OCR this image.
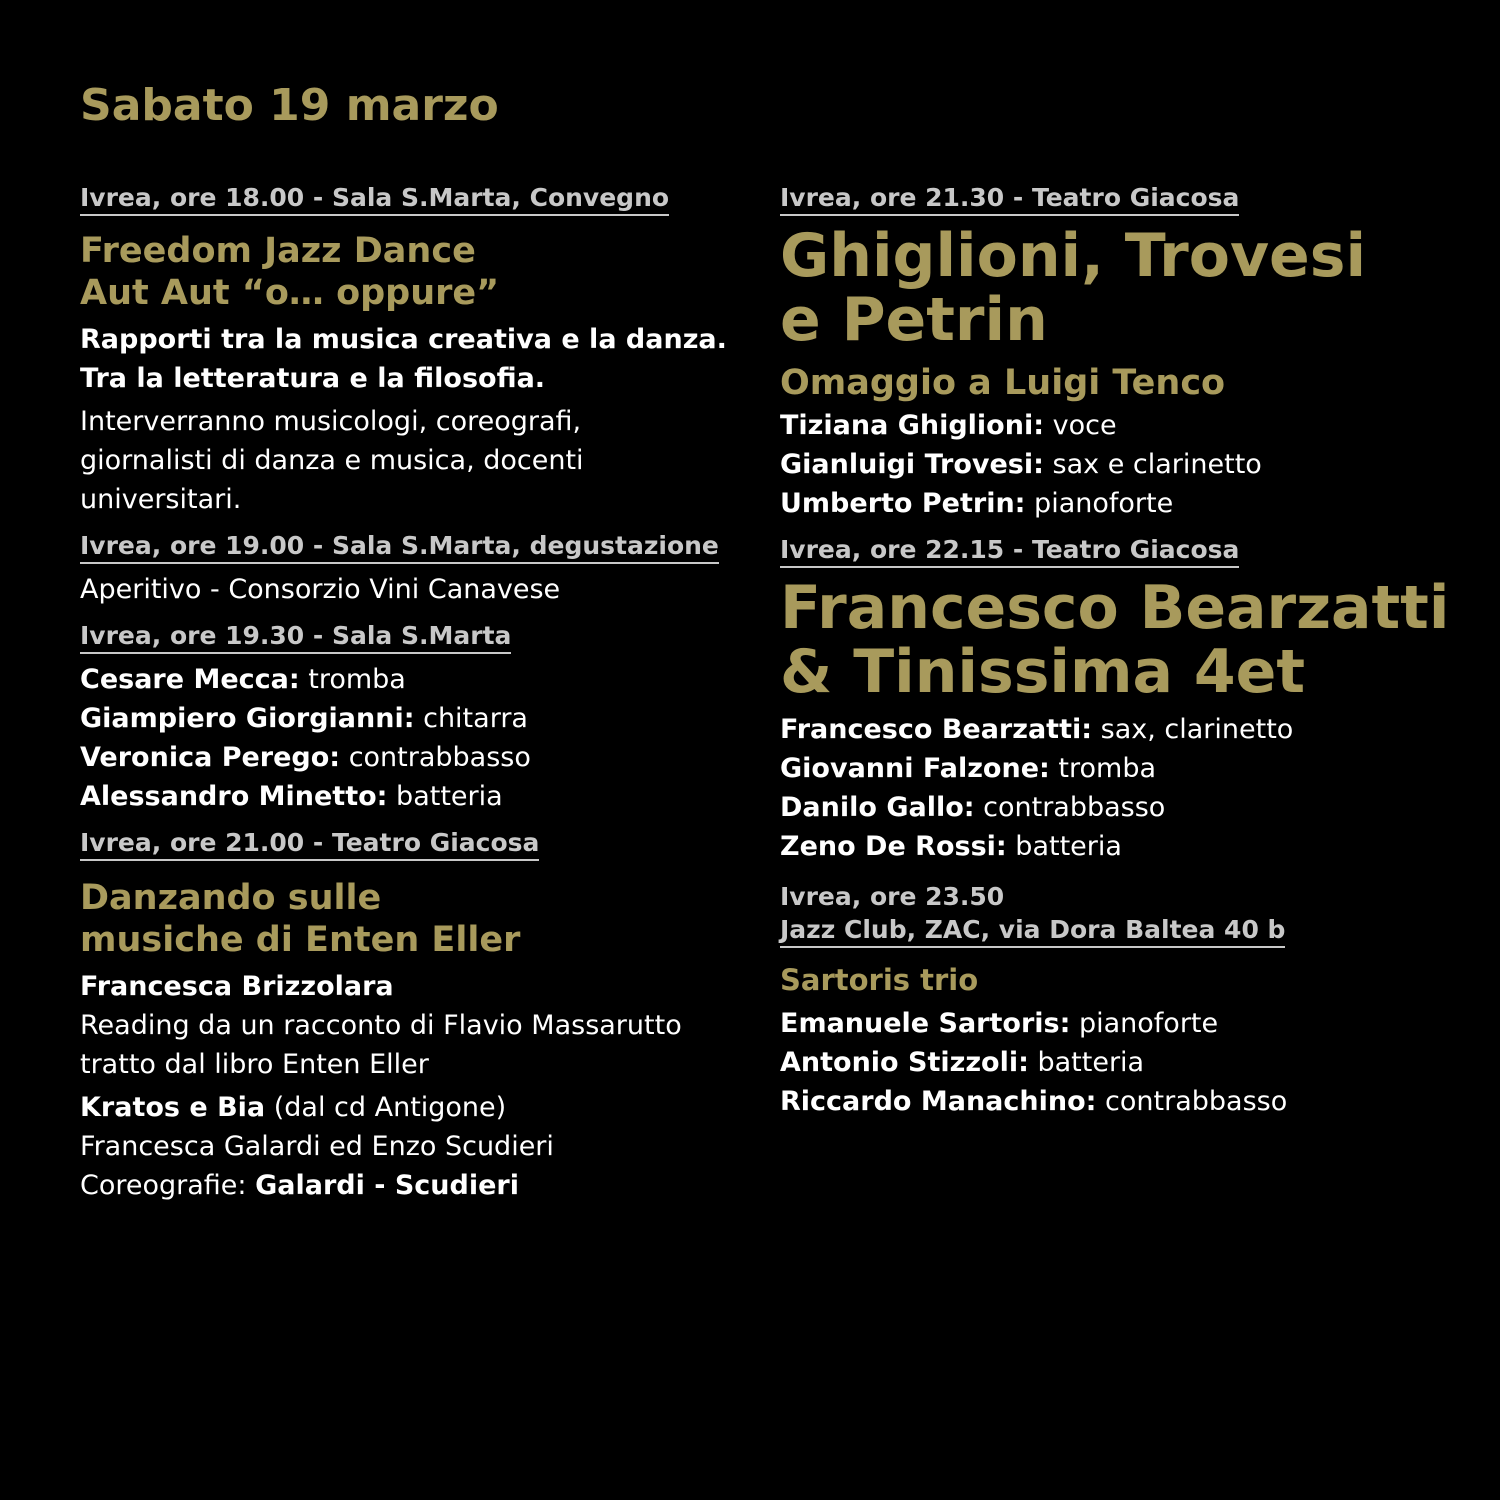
Sabato 19 marzo
Ivrea, ore 18.00 - Sala S.Marta, Convegno
Freedom Jazz Dance
Aut Aut “o… oppure”
Rapporti tra la musica creativa e la danza.
Tra la letteratura e la filosofia.
Interverranno musicologi, coreografi,
giornalisti di danza e musica, docenti
universitari.
Ivrea, ore 19.00 - Sala S.Marta, degustazione
Aperitivo - Consorzio Vini Canavese
Ivrea, ore 19.30 - Sala S.Marta
Cesare Mecca: tromba
Giampiero Giorgianni: chitarra
Veronica Perego: contrabbasso
Alessandro Minetto: batteria
Ivrea, ore 21.00 - Teatro Giacosa
Danzando sulle
musiche di Enten Eller
Francesca Brizzolara
Reading da un racconto di Flavio Massarutto
tratto dal libro Enten Eller
Kratos e Bia (dal cd Antigone)
Francesca Galardi ed Enzo Scudieri
Coreografie: Galardi - Scudieri
Ivrea, ore 21.30 - Teatro Giacosa
Ghiglioni, Trovesi
e Petrin
Omaggio a Luigi Tenco
Tiziana Ghiglioni: voce
Gianluigi Trovesi: sax e clarinetto
Umberto Petrin: pianoforte
Ivrea, ore 22.15 - Teatro Giacosa
Francesco Bearzatti
& Tinissima 4et
Francesco Bearzatti: sax, clarinetto
Giovanni Falzone: tromba
Danilo Gallo: contrabbasso
Zeno De Rossi: batteria
Ivrea, ore 23.50
Jazz Club, ZAC, via Dora Baltea 40 b
Sartoris trio
Emanuele Sartoris: pianoforte
Antonio Stizzoli: batteria
Riccardo Manachino: contrabbasso
